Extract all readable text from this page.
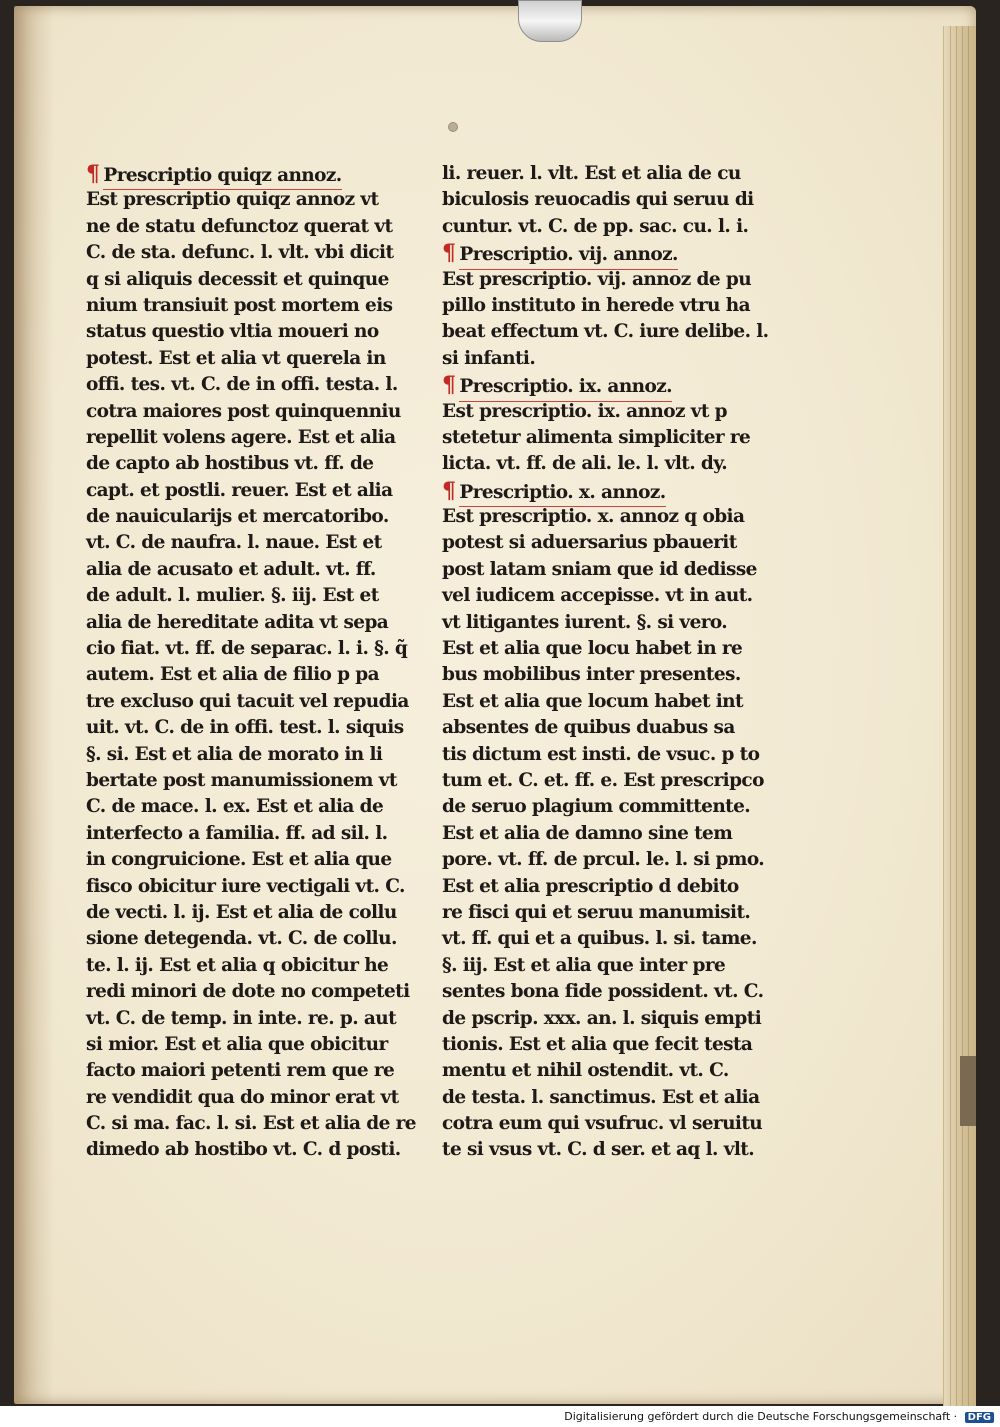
¶ Prescriptio quiqz annoz.
Est prescriptio quiqz annoz vt
ne de statu defunctoz querat vt
C. de sta. defunc. l. vlt. vbi dicit
q si aliquis decessit et quinque
nium transiuit post mortem eis
status questio vltia moueri no
potest. Est et alia vt querela in
offi. tes. vt. C. de in offi. testa. l.
cotra maiores post quinquenniu
repellit volens agere. Est et alia
de capto ab hostibus vt. ff. de
capt. et postli. reuer. Est et alia
de nauicularijs et mercatoribo.
vt. C. de naufra. l. naue. Est et
alia de acusato et adult. vt. ff.
de adult. l. mulier. §. iij. Est et
alia de hereditate adita vt sepa
cio fiat. vt. ff. de separac. l. i. §. q̃
autem. Est et alia de filio p pa
tre excluso qui tacuit vel repudia
uit. vt. C. de in offi. test. l. siquis
§. si. Est et alia de morato in li
bertate post manumissionem vt
C. de mace. l. ex. Est et alia de
interfecto a familia. ff. ad sil. l.
in congruicione. Est et alia que
fisco obicitur iure vectigali vt. C.
de vecti. l. ij. Est et alia de collu
sione detegenda. vt. C. de collu.
te. l. ij. Est et alia q obicitur he
redi minori de dote no competeti
vt. C. de temp. in inte. re. p. aut
si mior. Est et alia que obicitur
facto maiori petenti rem que re
re vendidit qua do minor erat vt
C. si ma. fac. l. si. Est et alia de re
dimedo ab hostibo vt. C. d posti.
li. reuer. l. vlt. Est et alia de cu
biculosis reuocadis qui seruu di
cuntur. vt. C. de pp. sac. cu. l. i.
¶ Prescriptio. vij. annoz.
Est prescriptio. vij. annoz de pu
pillo instituto in herede vtru ha
beat effectum vt. C. iure delibe. l.
si infanti.
¶ Prescriptio. ix. annoz.
Est prescriptio. ix. annoz vt p
stetetur alimenta simpliciter re
licta. vt. ff. de ali. le. l. vlt. dy.
¶ Prescriptio. x. annoz.
Est prescriptio. x. annoz q obia
potest si aduersarius pbauerit
post latam sniam que id dedisse
vel iudicem accepisse. vt in aut.
vt litigantes iurent. §. si vero.
Est et alia que locu habet in re
bus mobilibus inter presentes.
Est et alia que locum habet int
absentes de quibus duabus sa
tis dictum est insti. de vsuc. p to
tum et. C. et. ff. e. Est prescripco
de seruo plagium committente.
Est et alia de damno sine tem
pore. vt. ff. de prcul. le. l. si pmo.
Est et alia prescriptio d debito
re fisci qui et seruu manumisit.
vt. ff. qui et a quibus. l. si. tame.
§. iij. Est et alia que inter pre
sentes bona fide possident. vt. C.
de pscrip. xxx. an. l. siquis empti
tionis. Est et alia que fecit testa
mentu et nihil ostendit. vt. C.
de testa. l. sanctimus. Est et alia
cotra eum qui vsufruc. vl seruitu
te si vsus vt. C. d ser. et aq l. vlt.
Digitalisierung gefördert durch die Deutsche Forschungsgemeinschaft · DFG
